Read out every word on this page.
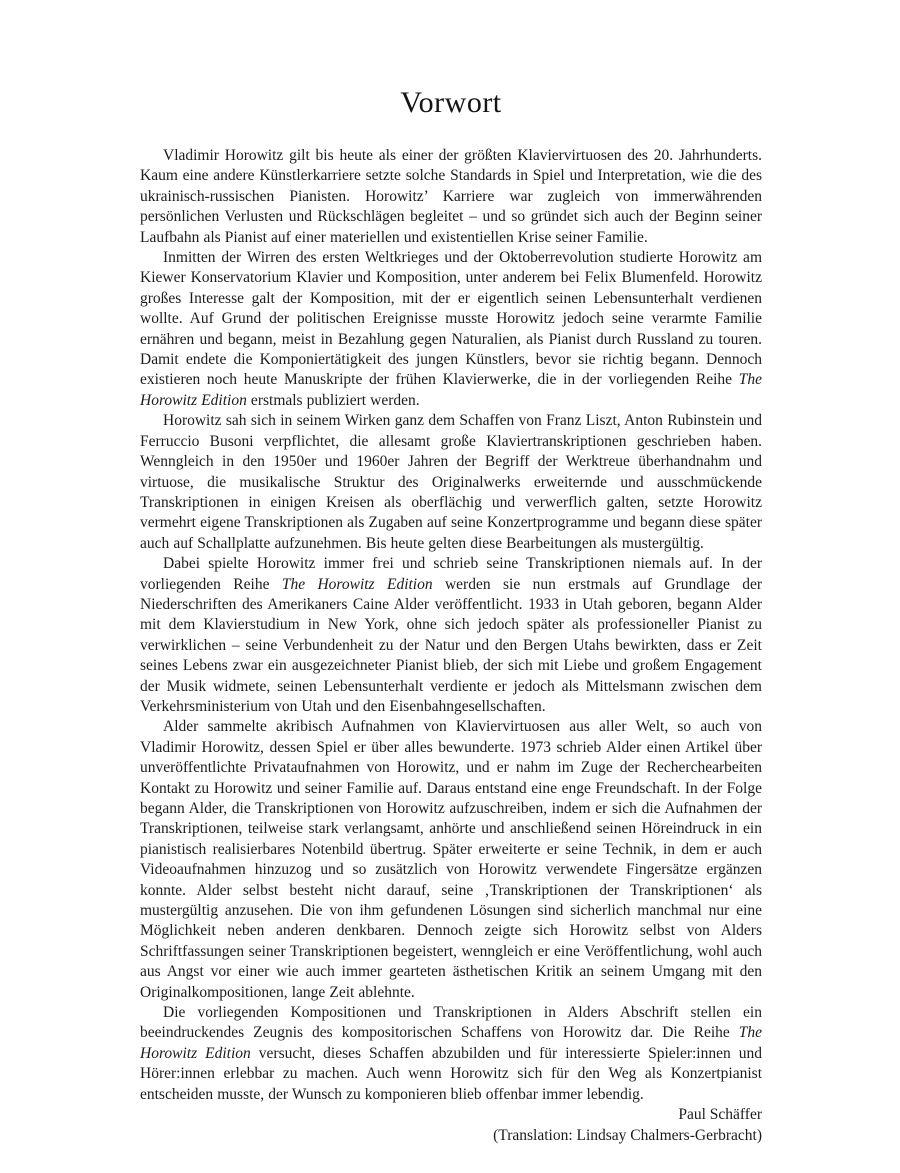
Vorwort

Vladimir Horowitz gilt bis heute als einer der größten Klaviervirtuosen des 20. Jahrhunderts. Kaum eine andere Künstlerkarriere setzte solche Standards in Spiel und Interpretation, wie die des ukrainisch-russischen Pianisten. Horowitz’ Karriere war zugleich von immerwährenden persönlichen Verlusten und Rückschlägen begleitet – und so gründet sich auch der Beginn seiner Laufbahn als Pianist auf einer materiellen und existentiellen Krise seiner Familie.

Inmitten der Wirren des ersten Weltkrieges und der Oktoberrevolution studierte Horowitz am Kiewer Konservatorium Klavier und Komposition, unter anderem bei Felix Blumenfeld. Horowitz großes Interesse galt der Komposition, mit der er eigentlich seinen Lebensunterhalt verdienen wollte. Auf Grund der politischen Ereignisse musste Horowitz jedoch seine verarmte Familie ernähren und begann, meist in Bezahlung gegen Naturalien, als Pianist durch Russland zu touren. Damit endete die Komponiertätigkeit des jungen Künstlers, bevor sie richtig begann. Dennoch existieren noch heute Manuskripte der frühen Klavierwerke, die in der vorliegenden Reihe The Horowitz Edition erstmals publiziert werden.

Horowitz sah sich in seinem Wirken ganz dem Schaffen von Franz Liszt, Anton Rubinstein und Ferruccio Busoni verpflichtet, die allesamt große Klaviertranskriptionen geschrieben haben. Wenngleich in den 1950er und 1960er Jahren der Begriff der Werktreue überhandnahm und virtuose, die musikalische Struktur des Originalwerks erweiternde und ausschmückende Transkriptionen in einigen Kreisen als oberflächig und verwerflich galten, setzte Horowitz vermehrt eigene Transkriptionen als Zugaben auf seine Konzertprogramme und begann diese später auch auf Schallplatte aufzunehmen. Bis heute gelten diese Bearbeitungen als mustergültig.

Dabei spielte Horowitz immer frei und schrieb seine Transkriptionen niemals auf. In der vorliegenden Reihe The Horowitz Edition werden sie nun erstmals auf Grundlage der Niederschriften des Amerikaners Caine Alder veröffentlicht. 1933 in Utah geboren, begann Alder mit dem Klavierstudium in New York, ohne sich jedoch später als professioneller Pianist zu verwirklichen – seine Verbundenheit zu der Natur und den Bergen Utahs bewirkten, dass er Zeit seines Lebens zwar ein ausgezeichneter Pianist blieb, der sich mit Liebe und großem Engagement der Musik widmete, seinen Lebensunterhalt verdiente er jedoch als Mittelsmann zwischen dem Verkehrsministerium von Utah und den Eisenbahngesellschaften.

Alder sammelte akribisch Aufnahmen von Klaviervirtuosen aus aller Welt, so auch von Vladimir Horowitz, dessen Spiel er über alles bewunderte. 1973 schrieb Alder einen Artikel über unveröffentlichte Privataufnahmen von Horowitz, und er nahm im Zuge der Recherchearbeiten Kontakt zu Horowitz und seiner Familie auf. Daraus entstand eine enge Freundschaft. In der Folge begann Alder, die Transkriptionen von Horowitz aufzuschreiben, indem er sich die Aufnahmen der Transkriptionen, teilweise stark verlangsamt, anhörte und anschließend seinen Höreindruck in ein pianistisch realisierbares Notenbild übertrug. Später erweiterte er seine Technik, in dem er auch Videoaufnahmen hinzuzog und so zusätzlich von Horowitz verwendete Fingersätze ergänzen konnte. Alder selbst besteht nicht darauf, seine ‚Transkriptionen der Transkriptionen‘ als mustergültig anzusehen. Die von ihm gefundenen Lösungen sind sicherlich manchmal nur eine Möglichkeit neben anderen denkbaren. Dennoch zeigte sich Horowitz selbst von Alders Schriftfassungen seiner Transkriptionen begeistert, wenngleich er eine Veröffentlichung, wohl auch aus Angst vor einer wie auch immer gearteten ästhetischen Kritik an seinem Umgang mit den Originalkompositionen, lange Zeit ablehnte.

Die vorliegenden Kompositionen und Transkriptionen in Alders Abschrift stellen ein beeindruckendes Zeugnis des kompositorischen Schaffens von Horowitz dar. Die Reihe The Horowitz Edition versucht, dieses Schaffen abzubilden und für interessierte Spieler:innen und Hörer:innen erlebbar zu machen. Auch wenn Horowitz sich für den Weg als Konzertpianist entscheiden musste, der Wunsch zu komponieren blieb offenbar immer lebendig.

Paul Schäffer
(Translation: Lindsay Chalmers-Gerbracht)
